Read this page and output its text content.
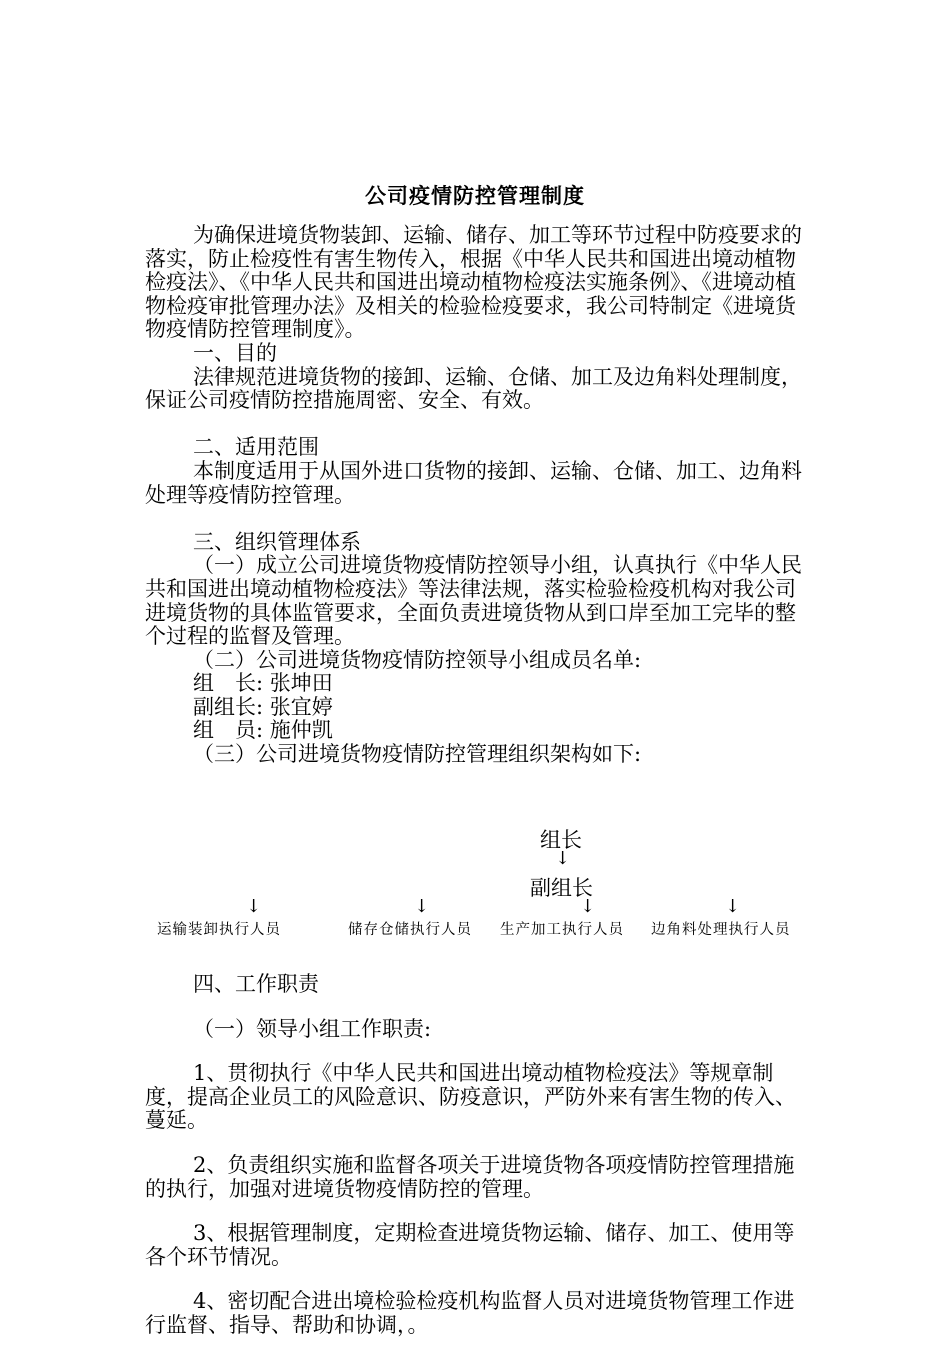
公司疫情防控管理制度

为确保进境货物装卸、运输、储存、加工等环节过程中防疫要求的落实，防止检疫性有害生物传入，根据《中华人民共和国进出境动植物检疫法》、《中华人民共和国进出境动植物检疫法实施条例》、《进境动植物检疫审批管理办法》及相关的检验检疫要求，我公司特制定《进境货物疫情防控管理制度》。

一、目的

法律规范进境货物的接卸、运输、仓储、加工及边角料处理制度，保证公司疫情防控措施周密、安全、有效。

二、适用范围

本制度适用于从国外进口货物的接卸、运输、仓储、加工、边角料处理等疫情防控管理。

三、组织管理体系

（一）成立公司进境货物疫情防控领导小组，认真执行《中华人民共和国进出境动植物检疫法》等法律法规，落实检验检疫机构对我公司进境货物的具体监管要求，全面负责进境货物从到口岸至加工完毕的整个过程的监督及管理。

（二）公司进境货物疫情防控领导小组成员名单:

组　长: 张坤田

副组长: 张宜婷

组　员: 施仲凯

（三）公司进境货物疫情防控管理组织架构如下:

组长
↓
副组长
↓	↓	↓	↓
运输装卸执行人员	储存仓储执行人员 生产加工执行人员 边角料处理执行人员

四、工作职责

（一）领导小组工作职责:

1、贯彻执行《中华人民共和国进出境动植物检疫法》等规章制度，提高企业员工的风险意识、防疫意识，严防外来有害生物的传入、蔓延。

2、负责组织实施和监督各项关于进境货物各项疫情防控管理措施的执行，加强对进境货物疫情防控的管理。

3、根据管理制度，定期检查进境货物运输、储存、加工、使用等各个环节情况。

4、密切配合进出境检验检疫机构监督人员对进境货物管理工作进行监督、指导、帮助和协调，。
